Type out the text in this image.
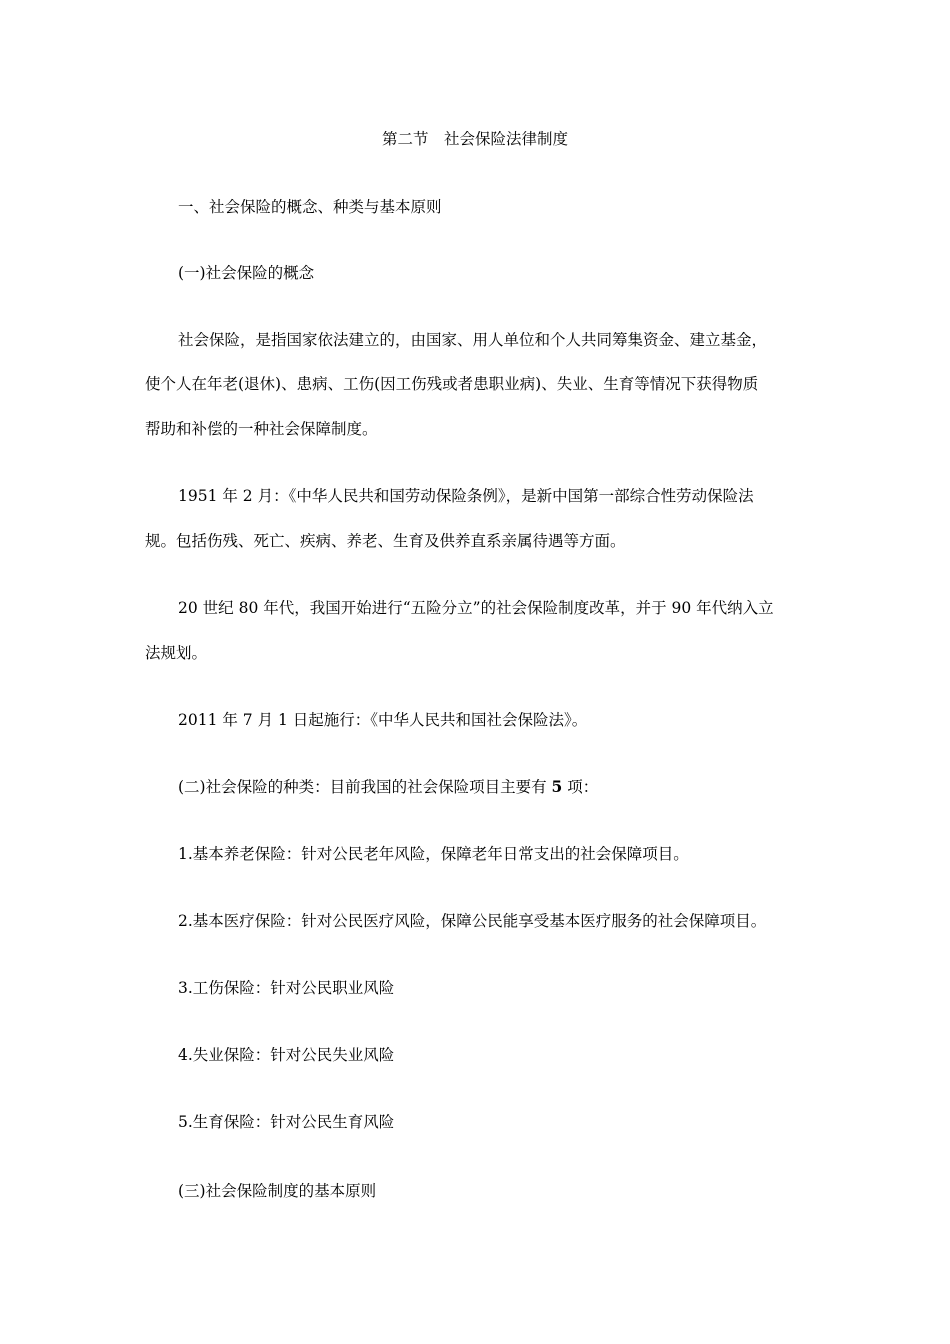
第二节　社会保险法律制度
一、社会保险的概念、种类与基本原则
(一)社会保险的概念
社会保险，是指国家依法建立的，由国家、用人单位和个人共同筹集资金、建立基金，
使个人在年老(退休)、患病、工伤(因工伤残或者患职业病)、失业、生育等情况下获得物质
帮助和补偿的一种社会保障制度。
1951 年 2 月：《中华人民共和国劳动保险条例》，是新中国第一部综合性劳动保险法
规。包括伤残、死亡、疾病、养老、生育及供养直系亲属待遇等方面。
20 世纪 80 年代，我国开始进行“五险分立”的社会保险制度改革，并于 90 年代纳入立
法规划。
2011 年 7 月 1 日起施行：《中华人民共和国社会保险法》。
(二)社会保险的种类：目前我国的社会保险项目主要有 5 项：
1.基本养老保险：针对公民老年风险，保障老年日常支出的社会保障项目。
2.基本医疗保险：针对公民医疗风险，保障公民能享受基本医疗服务的社会保障项目。
3.工伤保险：针对公民职业风险
4.失业保险：针对公民失业风险
5.生育保险：针对公民生育风险
(三)社会保险制度的基本原则
